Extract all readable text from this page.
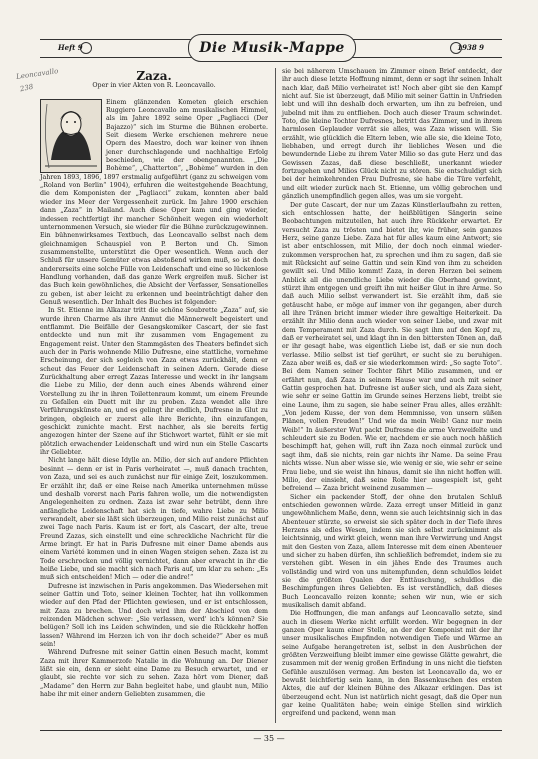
Heft 9	Die Musik-Mappe	1938 9
Leoncavallo
238
Zaza.
Oper in vier Akten von R. Leoncavallo.

Einem glänzenden Kometen gleich erschien Ruggiero Leoncavallo am musikalischen Himmel, als im Jahre 1892 seine Oper „Pagliacci (Der Bajazzo)“ sich im Sturme die Bühnen eroberte. Seit diesem Werke erschienen mehrere neue Opern des Maestro, doch war keiner von ihnen jener durchschlagende und nachhaltige Erfolg beschieden, wie der obengenannten. „Die Bohème“, „Chatterton“, „Bohème“ wurden in den Jahren 1893, 1896, 1897 erstmalig aufgeführt (ganz zu schweigen vom „Roland von Berlin“ 1904), erfuhren die weitestgehende Beachtung, die dem Komponisten der „Pagliacci“ zukam, konnten aber bald wieder ins Meer der Vergessenheit zurück. Im Jahre 1900 erschien dann „Zaza“ in Mailand. Auch diese Oper kam und ging wieder, indessen rechtfertigt ihr mancher Schönheit wegen ein wiederholt unternommenen Versuch, sie wieder für die Bühne zurückzugewinnen. Ein bühnenwirksames Textbuch, das Leoncavallo selbst nach dem gleichnamigen Schauspiel von P. Berton und Ch. Simon zusammenstellte, unterstützt die Oper wesentlich. Wenn auch der Schluß für unsere Gemüter etwas abstoßend wirken muß, so ist doch andererseits eine solche Fülle von Leidenschaft und eine so lückenlose Handlung vorhanden, daß das ganze Werk ergreifen muß. Sicher ist das Buch kein gewöhnliches, die Absicht der Verfasser, Sensationelles zu geben, ist aber leicht zu erkennen und beeinträchtigt daher den Genuß wesentlich. Der Inhalt des Buches ist folgender:

In St. Etienne im Alkazar tritt die schöne Soubrette „Zaza“ auf, sie wurde ihren Charme als ihre Anmut die Männerwelt begeistert und entflammt. Die Beifälle der Gesangskomiker Cascart, der sie fast entdeckte und nun mit ihr zusammen vom Engagement zu Engagement reist. Unter den Stammgästen des Theaters befindet sich auch der in Paris wohnende Milio Dufresne, eine stattliche, vornehme Erscheinung, der sich sogleich von Zaza etwas zurückhält, denn er scheut das Feuer der Leidenschaft in seinen Adern. Gerade diese Zurückhaltung aber erregt Zazas Interesse und weckt in ihr langsam die Liebe zu Milio, der denn auch eines Abends während einer Vorstellung zu ihr in ihren Toilettenraum kommt, um einem Freunde zu Gefallen ein Duett mit ihr zu proben. Zaza wendet alle ihre Verführungskünste an, und es gelingt ihr endlich, Dufresne in Glut zu bringen, obgleich er zuerst alle ihre Berichte, ihn einzufangen, geschickt zunichte macht. Erst nachher, als sie bereits fertig angezogen hinter der Szene auf ihr Stichwort wartet, fühlt er sie mit plötzlich erwachender Leidenschaft und wird nun ein Stelle Cascarts ihr Geliebter.

Nicht lange hält diese Idylle an. Milio, der sich auf andere Pflichten besinnt — denn er ist in Paris verheiratet —, muß danach trachten, von Zaza, und sei es auch zunächst nur für einige Zeit, loszukommen. Er erzählt ihr, daß er eine Reise nach Amerika unternehmen müsse und deshalb vorerst nach Paris fahren wolle, um die notwendigsten Angelegenheiten zu ordnen. Zaza ist zwar sehr betrübt, denn ihre anfängliche Leidenschaft hat sich in tiefe, wahre Liebe zu Milio verwandelt, aber sie läßt sich überzeugen, und Milio reist zunächst auf zwei Tage nach Paris. Kaum ist er fort, als Cascart, der alte, treue Freund Zazas, sich einstellt und eine schreckliche Nachricht für die Arme bringt. Er hat in Paris Dufresne mit einer Dame abends aus einem Variété kommen und in einen Wagen steigen sehen. Zaza ist zu Tode erschrocken und völlig vernichtet, dann aber erwacht in ihr die heiße Liebe, und sie macht sich nach Paris auf, um klar zu sehen: „Es muß sich entscheiden! Mich — oder die andre!“

Dufresne ist inzwischen in Paris angekommen. Das Wiedersehen mit seiner Gattin und Toto, seiner kleinen Tochter, hat ihn vollkommen wieder auf den Pfad der Pflichten gewiesen, und er ist entschlossen, mit Zaza zu brechen. Und doch wird ihm der Abschied von dem reizenden Mädchen schwer: „Sie verlassen, werd' ich's können? Sie belügen? Soll ich ins Leiden schwinden, und sie die Rückkehr hoffen lassen? Während im Herzen ich von ihr doch scheide?“ Aber es muß sein!

Während Dufresne mit seiner Gattin einen Besuch macht, kommt Zaza mit ihrer Kammerzofe Natalie in die Wohnung an. Der Diener läßt sie ein, denn er sieht eine Dame zu Besuch erwartet, und er glaubt, sie rechte vor sich zu sehen. Zaza hört vom Diener, daß „Madame“ den Herrn zur Bahn begleitet habe, und glaubt nun, Milio habe ihr mit einer andern Geliebten zusammen, die

sie bei näherem Umschauen im Zimmer einen Brief entdeckt, der ihr auch diese letzte Hoffnung nimmt, denn er sagt ihr seinen Inhalt nach klar, daß Milio verheiratet ist! Noch aber gibt sie den Kampf nicht auf. Sie ist überzeugt, daß Milio mit seiner Gattin in Unfrieden lebt und will ihn deshalb doch erwarten, um ihn zu befreien, und jubelnd mit ihm zu entfliehen. Doch auch dieser Traum schwindet. Toto, die kleine Tochter Dufresnes, betritt das Zimmer, und in ihrem harmlosen Geplauder verrät sie alles, was Zaza wissen will. Sie erzählt, wie glücklich die Eltern leben, wie alle sie, die kleine Toto, liebhaben, und erregt durch ihr liebliches Wesen und die bewundernde Liebe zu ihrem Vater Milio so das gute Herz und das Gewissen Zazas, daß diese beschließt, unerkannt wieder fortzugehen und Milios Glück nicht zu stören. Sie entschuldigt sich bei der heimkehrenden Frau Dufresne, sie habe die Türe verfehlt, und eilt wieder zurück nach St. Etienne, um völlig gebrochen und gänzlich unempfindlich gegen alles, was um sie vorgeht.

Der gute Cascart, der nur um Zazas Künstlerlaufbahn zu retten, sich entschlossen hatte, der heißblütigen Sängerin seine Beobachtungen mitzuteilen, hat auch ihre Rückkehr erwartet. Er versucht Zaza zu trösten und bietet ihr, wie früher, sein ganzes Herz, seine ganze Liebe. Zaza hat für alles kaum eine Antwort; sie ist aber entschlossen, mit Milio, der doch noch einmal wieder-zukommen versprochen hat, zu sprechen und ihm zu sagen, daß sie mit Rücksicht auf seine Gattin und sein Kind von ihm zu scheiden gewillt sei. Und Milio kommt! Zaza, in deren Herzen bei seinem Anblick all die unendliche Liebe wieder die Oberhand gewinnt, stürzt ihm entgegen und greift ihn mit heißer Glut in ihre Arme. So daß auch Milio selbst verwandert ist. Sie erzählt ihm, daß sie getäuscht habe, er möge auf immer von ihr gegangen, aber durch all ihre Tränen bricht immer wieder ihre gewaltige Heiterkeit. Da erzählt ihr Milio denn auch wieder von seiner Liebe, und zwar mit dem Temperament mit Zaza durch. Sie sagt ihm auf den Kopf zu, daß er verheiratet sei, und klagt ihn in den bittersten Tönen an, daß er ihr gesagt habe, was eigentlich Liebe ist, daß er sie nun doch verlasse. Milio selbst ist tief gerührt, er sucht sie zu beruhigen. Zaza aber weiß es, daß er sie wiederkommen wird: „So sagte Toto“. Bei dem Namen seiner Tochter fährt Milio zusammen, und er erfährt nun, daß Zaza in seinem Hause war und auch mit seiner Gattin gesprochen hat. Dufresne ist außer sich, und als Zaza sieht, wie sehr er seine Gattin im Grunde seines Herzens liebt, treibt sie eine Laune, ihm zu sagen, sie habe seiner Frau alles, alles erzählt: „Von jedem Kusse, der von dem Hemmnisse, von unsern süßen Plänen, vollen Freuden!“ Und wie da mein Weib! Ganz nur mein Weib!“ In äußerster Wut packt Dufresne die arme Verzweifelte und schleudert sie zu Boden. Wie er, nachdem er sie auch noch häßlich beschimpft hat, gehen will, ruft ihn Zaza noch einmal zurück und sagt ihm, daß sie nichts, rein gar nichts ihr Name. Da seine Frau nichts wisse. Nun aber wisse sie, wie wenig er sie, wie sehr er seine Frau liebe, und sie weist ihn hinaus, damit sie ihn nicht hoffen will. Milio, der einsieht, daß seine Rolle hier ausgespielt ist, geht befreiend — Zaza bricht weinend zusammen —

Sicher ein packender Stoff, der ohne den brutalen Schluß entschieden gewonnen würde. Zaza erregt unser Mitleid in ganz ungewöhnlichem Maße, denn, wenn sie auch leichtsinnig sich in das Abenteuer stürzte, so erweist sie sich später doch in der Tiefe ihres Herzens als edles Wesen, indem sie sich selbst zurücknimmt als leichtsinnig, und wirkt gleich, wenn man ihre Verwirrung und Angst mit den Gesten von Zaza, allem Interesse mit dem einen Abenteuer und sicher zu haben dürfen, ihn schließlich befremdet, indem sie zu verstehen gibt. Wesen in ein jähes Ende des Traumes auch vollständig und wird von uns mitempfunden, denn schuldlos leidet sie die größten Qualen der Enttäuschung, schuldlos die Beschimpfungen ihres Geliebten. Es ist verständlich, daß dieses Buch Leoncavallo reizen konnte; sehen wir nun, wie er sich musikalisch damit abfand.

Die Hoffnungen, die man anfangs auf Leoncavallo setzte, sind auch in diesem Werke nicht erfüllt worden. Wir begegnen in der ganzen Oper kaum einer Stelle, an der der Komponist mit der ihr unser musikalisches Empfinden notwendigen Tiefe und Wärme an seine Aufgabe herangetreten ist, selbst in den Ausbrüchen der größten Verzweiflung bleibt immer eine gewisse Glätte gewahrt, die zusammen mit der wenig großen Erfindung in uns nicht die tiefsten Gefühle auszulösen vermag. Am besten ist Leoncavallo da, wo er bewußt leichtfertig sein kann, in den Bassenkuschen des ersten Aktes, die auf der kleinen Bühne des Alkazar erklingen. Das ist überzeugend echt. Nun ist natürlich nicht gesagt, daß die Oper nun gar keine Qualitäten habe; wein einige Stellen sind wirklich ergreifend und packend, wenn man

— 35 —
